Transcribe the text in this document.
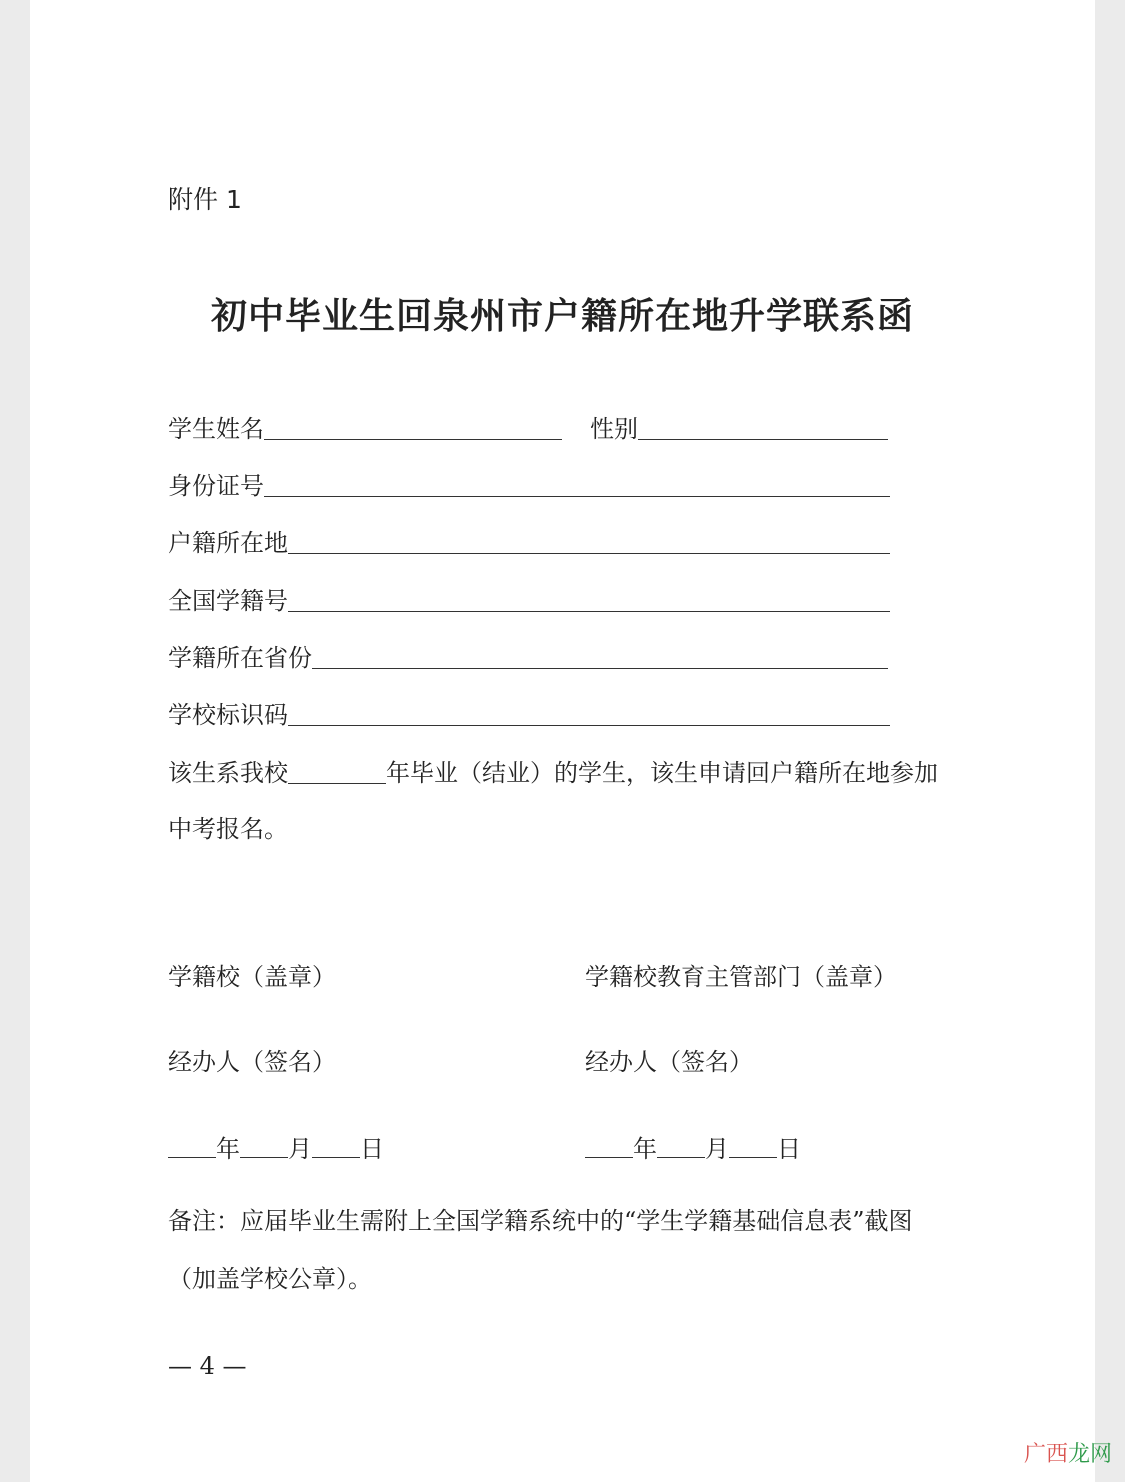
附件 1
初中毕业生回泉州市户籍所在地升学联系函
学生姓名	性别
身份证号
户籍所在地
全国学籍号
学籍所在省份
学校标识码
该生系我校	年毕业（结业）的学生，该生申请回户籍所在地参加
中考报名。
学籍校（盖章）	学籍校教育主管部门（盖章）
经办人（签名）	经办人（签名）
年 月 日	年 月 日
备注：应届毕业生需附上全国学籍系统中的“学生学籍基础信息表”截图
（加盖学校公章）。
— 4 —
广西龙网
